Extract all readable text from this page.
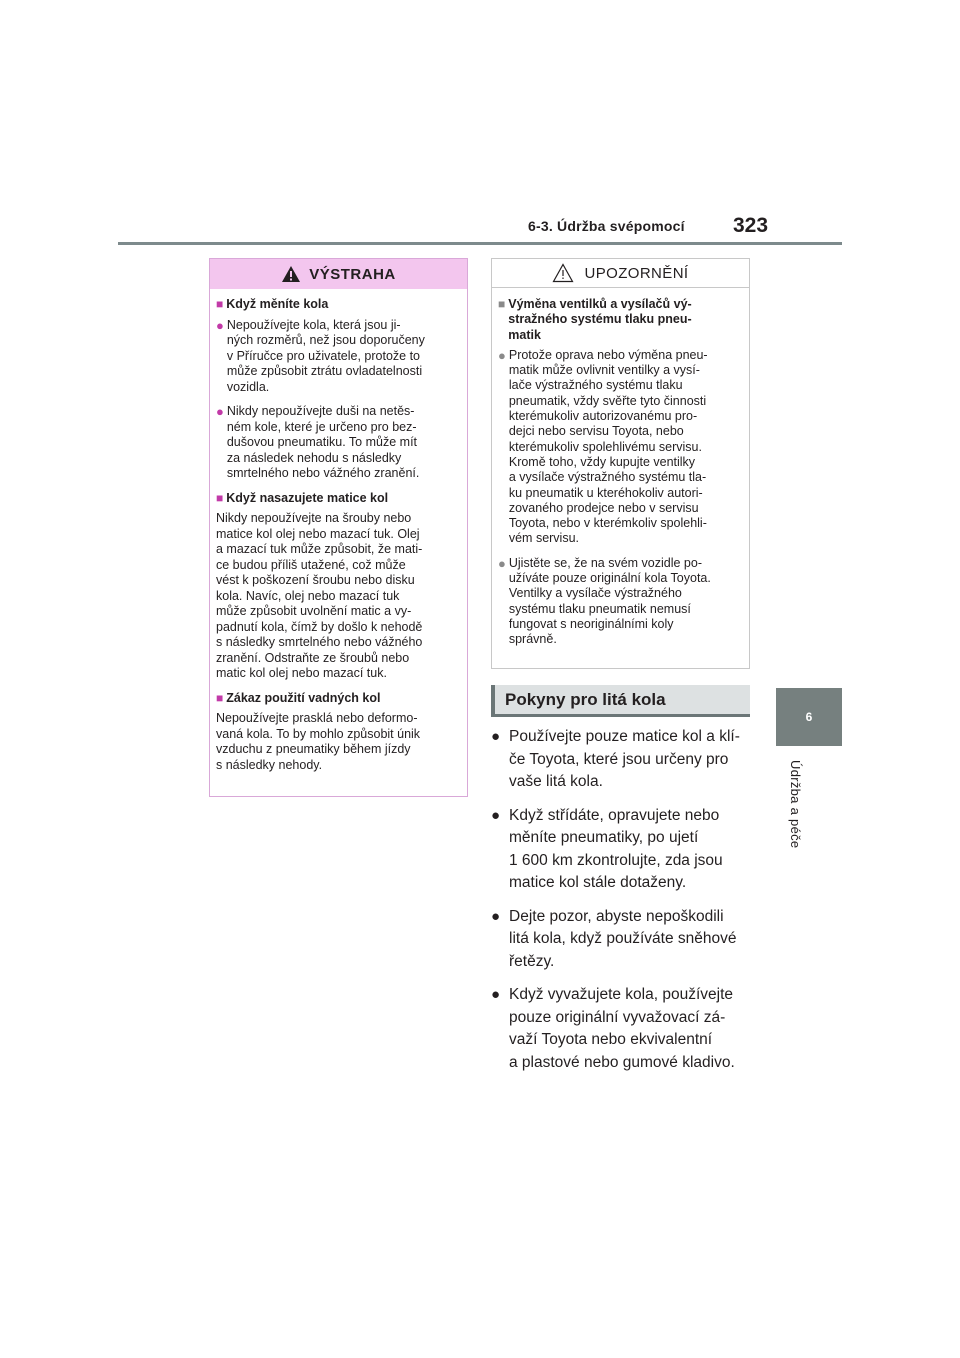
6-3. Údržba svépomocí 323
6
Údržba a péče
VÝSTRAHA
■ Když měníte kola
● Nepoužívejte kola, která jsou ji-
ných rozměrů, než jsou doporučeny
v Příručce pro uživatele, protože to
může způsobit ztrátu ovladatelnosti
vozidla.
● Nikdy nepoužívejte duši na netěs-
ném kole, které je určeno pro bez-
dušovou pneumatiku. To může mít
za následek nehodu s následky
smrtelného nebo vážného zranění.
■ Když nasazujete matice kol
Nikdy nepoužívejte na šrouby nebo
matice kol olej nebo mazací tuk. Olej
a mazací tuk může způsobit, že mati-
ce budou příliš utažené, což může
vést k poškození šroubu nebo disku
kola. Navíc, olej nebo mazací tuk
může způsobit uvolnění matic a vy-
padnutí kola, čímž by došlo k nehodě
s následky smrtelného nebo vážného
zranění. Odstraňte ze šroubů nebo
matic kol olej nebo mazací tuk.
■ Zákaz použití vadných kol
Nepoužívejte prasklá nebo deformo-
vaná kola. To by mohlo způsobit únik
vzduchu z pneumatiky během jízdy
s následky nehody.
UPOZORNĚNÍ
■ Výměna ventilků a vysílačů vý-
stražného systému tlaku pneu-
matik
● Protože oprava nebo výměna pneu-
matik může ovlivnit ventilky a vysí-
lače výstražného systému tlaku
pneumatik, vždy svěřte tyto činnosti
kterémukoliv autorizovanému pro-
dejci nebo servisu Toyota, nebo
kterémukoliv spolehlivému servisu.
Kromě toho, vždy kupujte ventilky
a vysílače výstražného systému tla-
ku pneumatik u kteréhokoliv autori-
zovaného prodejce nebo v servisu
Toyota, nebo v kterémkoliv spolehli-
vém servisu.
● Ujistěte se, že na svém vozidle po-
užíváte pouze originální kola Toyota.
Ventilky a vysílače výstražného
systému tlaku pneumatik nemusí
fungovat s neoriginálními koly
správně.
Pokyny pro litá kola
● Používejte pouze matice kol a klí-
če Toyota, které jsou určeny pro
vaše litá kola.
● Když střídáte, opravujete nebo
měníte pneumatiky, po ujetí
1 600 km zkontrolujte, zda jsou
matice kol stále dotaženy.
● Dejte pozor, abyste nepoškodili
litá kola, když používáte sněhové
řetězy.
● Když vyvažujete kola, používejte
pouze originální vyvažovací zá-
važí Toyota nebo ekvivalentní
a plastové nebo gumové kladivo.
